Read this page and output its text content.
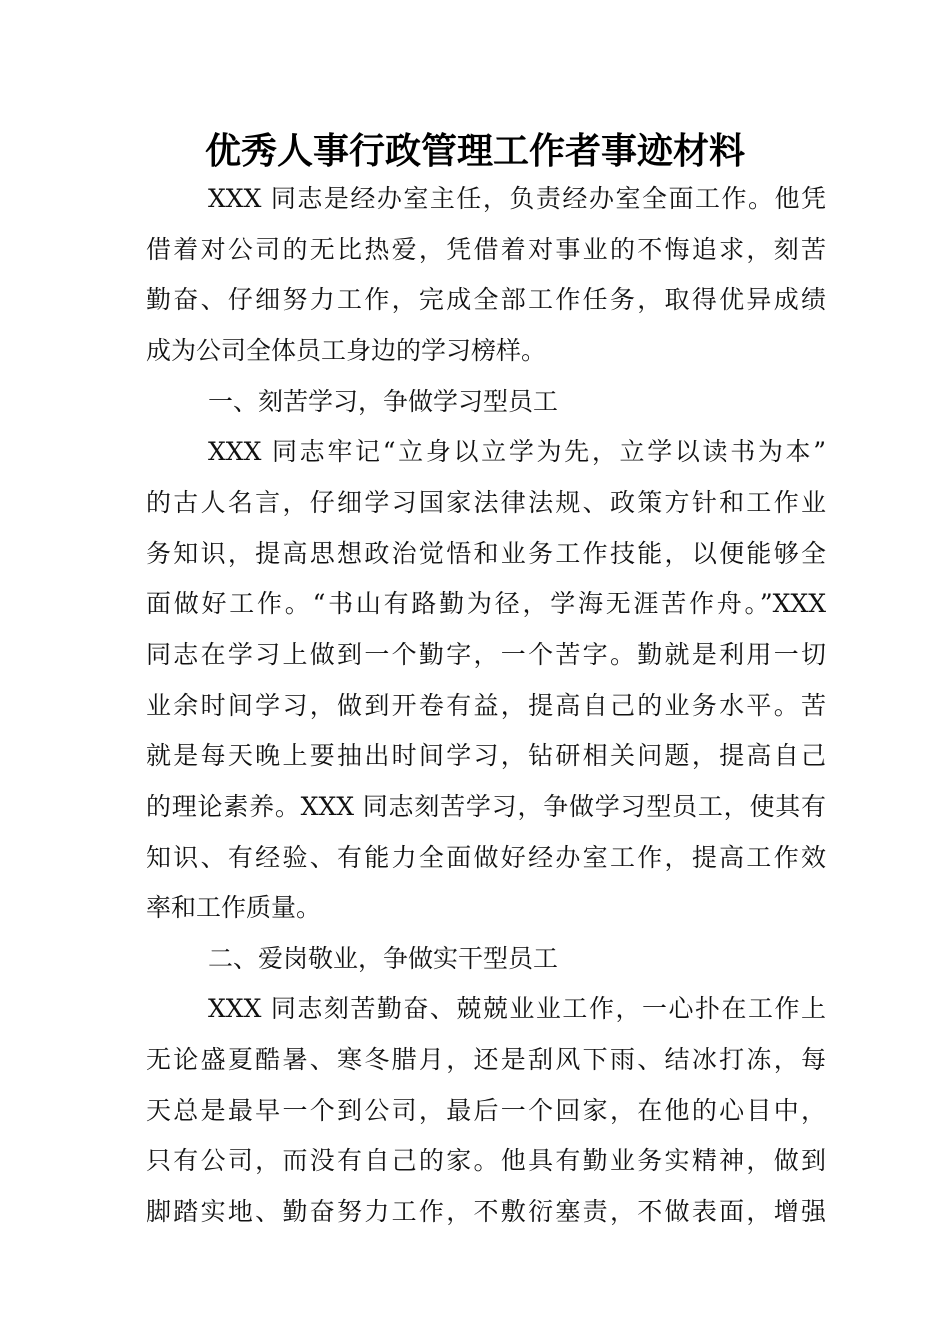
优秀人事行政管理工作者事迹材料
XXX 同志是经办室主任，负责经办室全面工作。他凭
借着对公司的无比热爱，凭借着对事业的不悔追求，刻苦
勤奋、仔细努力工作，完成全部工作任务，取得优异成绩
成为公司全体员工身边的学习榜样。
一、刻苦学习，争做学习型员工
XXX 同志牢记“立身以立学为先，立学以读书为本”
的古人名言，仔细学习国家法律法规、政策方针和工作业
务知识，提高思想政治觉悟和业务工作技能，以便能够全
面做好工作。“书山有路勤为径，学海无涯苦作舟。”XXX
同志在学习上做到一个勤字，一个苦字。勤就是利用一切
业余时间学习，做到开卷有益，提高自己的业务水平。苦
就是每天晚上要抽出时间学习，钻研相关问题，提高自己
的理论素养。XXX 同志刻苦学习，争做学习型员工，使其有
知识、有经验、有能力全面做好经办室工作，提高工作效
率和工作质量。
二、爱岗敬业，争做实干型员工
XXX 同志刻苦勤奋、兢兢业业工作，一心扑在工作上
无论盛夏酷暑、寒冬腊月，还是刮风下雨、结冰打冻，每
天总是最早一个到公司，最后一个回家，在他的心目中，
只有公司，而没有自己的家。他具有勤业务实精神，做到
脚踏实地、勤奋努力工作，不敷衍塞责，不做表面，增强
